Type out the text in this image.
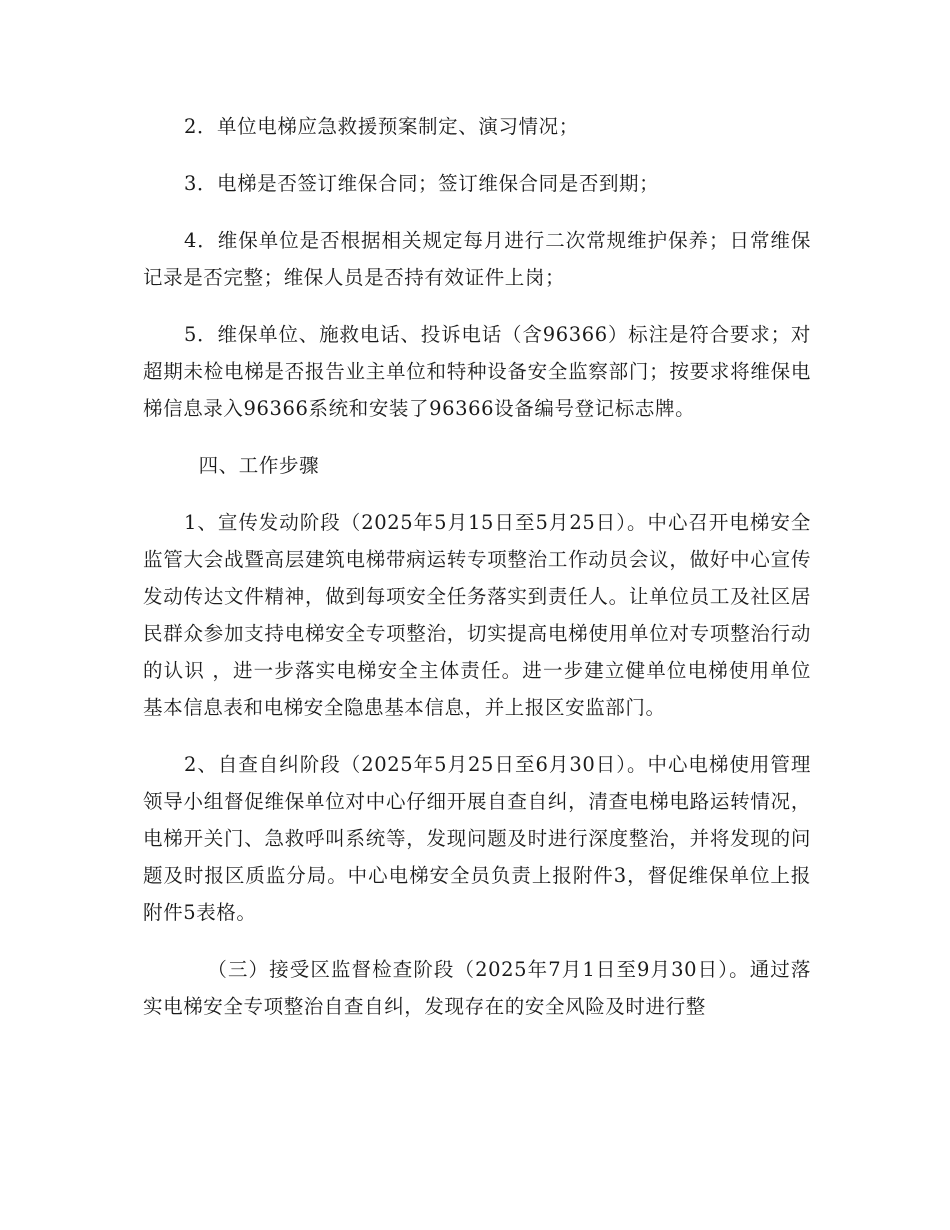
2．单位电梯应急救援预案制定、演习情况；

3．电梯是否签订维保合同；签订维保合同是否到期；

4．维保单位是否根据相关规定每月进行二次常规维护保养；日常维保记录是否完整；维保人员是否持有效证件上岗；

5．维保单位、施救电话、投诉电话（含96366）标注是符合要求；对超期未检电梯是否报告业主单位和特种设备安全监察部门；按要求将维保电梯信息录入96366系统和安装了96366设备编号登记标志牌。

四、工作步骤

1、宣传发动阶段（2025年5月15日至5月25日）。中心召开电梯安全监管大会战暨高层建筑电梯带病运转专项整治工作动员会议，做好中心宣传发动传达文件精神，做到每项安全任务落实到责任人。让单位员工及社区居民群众参加支持电梯安全专项整治，切实提高电梯使用单位对专项整治行动的认识 ，进一步落实电梯安全主体责任。进一步建立健单位电梯使用单位基本信息表和电梯安全隐患基本信息，并上报区安监部门。

2、自查自纠阶段（2025年5月25日至6月30日）。中心电梯使用管理领导小组督促维保单位对中心仔细开展自查自纠，清查电梯电路运转情况，电梯开关门、急救呼叫系统等，发现问题及时进行深度整治，并将发现的问题及时报区质监分局。中心电梯安全员负责上报附件3，督促维保单位上报附件5表格。

（三）接受区监督检查阶段（2025年7月1日至9月30日）。通过落实电梯安全专项整治自查自纠，发现存在的安全风险及时进行整
